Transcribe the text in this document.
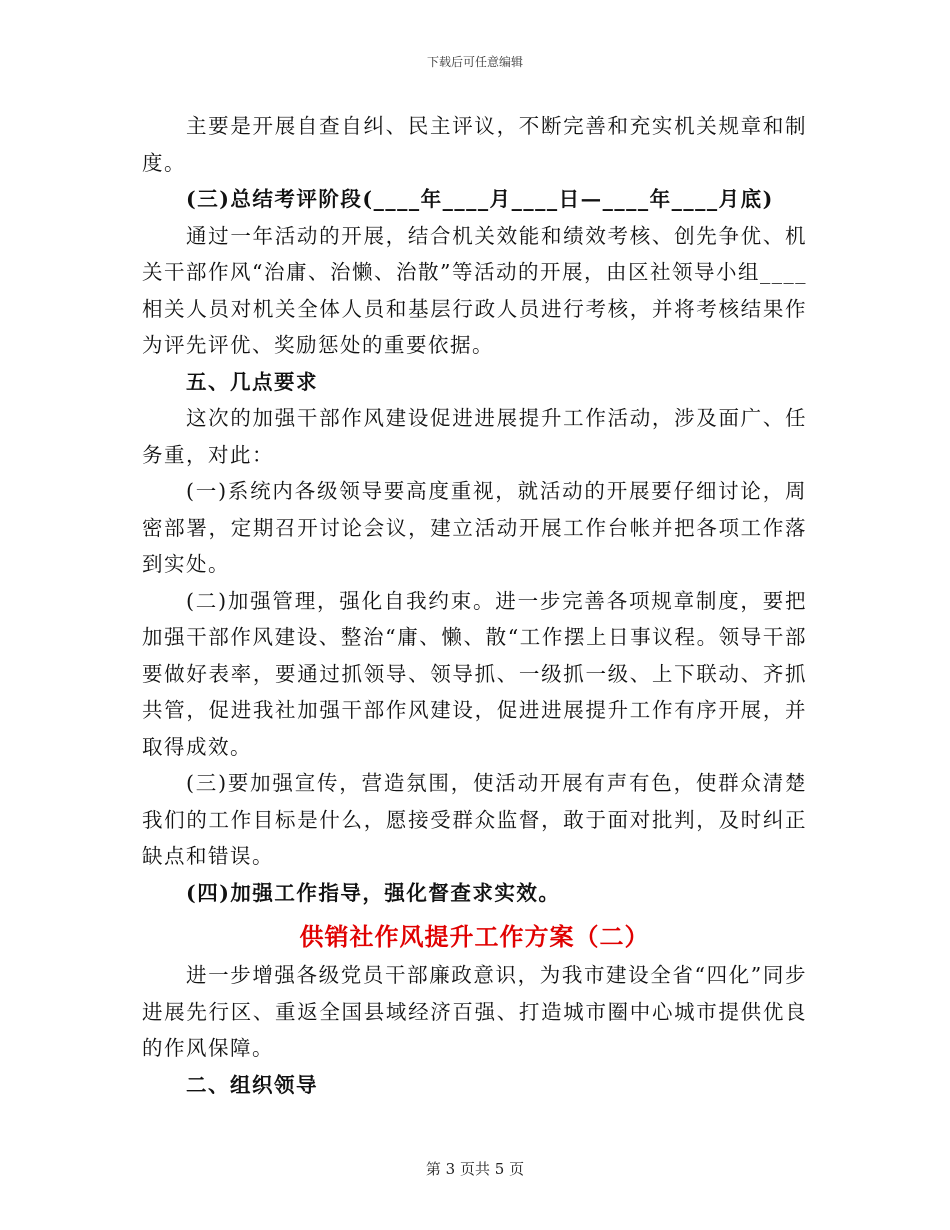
下载后可任意编辑

主要是开展自查自纠、民主评议，不断完善和充实机关规章和制度。

(三)总结考评阶段(____年____月____日—____年____月底)

通过一年活动的开展，结合机关效能和绩效考核、创先争优、机关干部作风“治庸、治懒、治散”等活动的开展，由区社领导小组____相关人员对机关全体人员和基层行政人员进行考核，并将考核结果作为评先评优、奖励惩处的重要依据。

五、几点要求

这次的加强干部作风建设促进进展提升工作活动，涉及面广、任务重，对此：

(一)系统内各级领导要高度重视，就活动的开展要仔细讨论，周密部署，定期召开讨论会议，建立活动开展工作台帐并把各项工作落到实处。

(二)加强管理，强化自我约束。进一步完善各项规章制度，要把加强干部作风建设、整治“庸、懒、散“工作摆上日事议程。领导干部要做好表率，要通过抓领导、领导抓、一级抓一级、上下联动、齐抓共管，促进我社加强干部作风建设，促进进展提升工作有序开展，并取得成效。

(三)要加强宣传，营造氛围，使活动开展有声有色，使群众清楚我们的工作目标是什么，愿接受群众监督，敢于面对批判，及时纠正缺点和错误。

(四)加强工作指导，强化督查求实效。

供销社作风提升工作方案（二）

进一步增强各级党员干部廉政意识，为我市建设全省“四化”同步进展先行区、重返全国县域经济百强、打造城市圈中心城市提供优良的作风保障。

二、组织领导

第 3 页共 5 页
